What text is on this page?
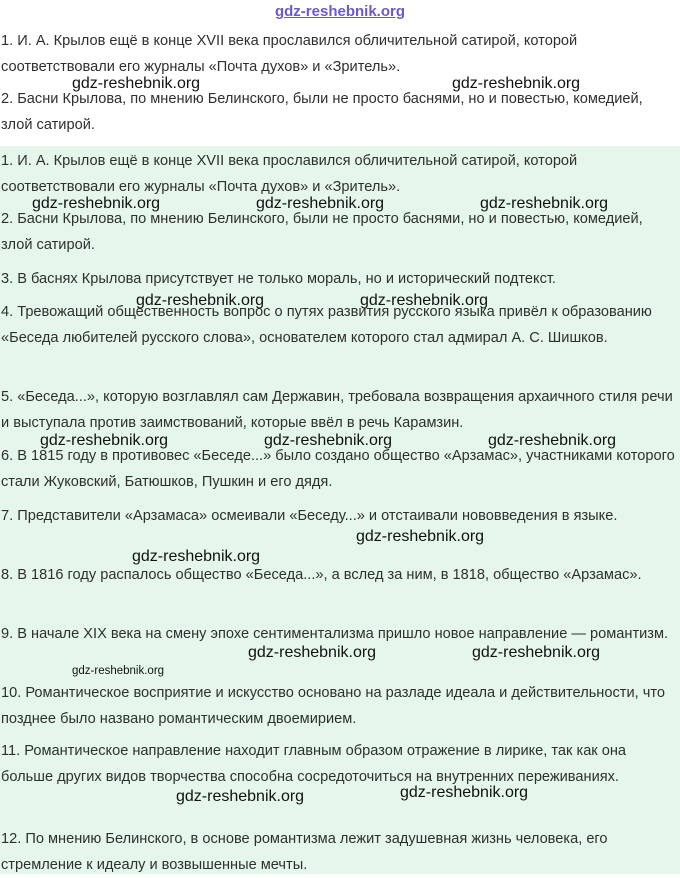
gdz-reshebnik.org

1. И. А. Крылов ещё в конце XVII века прославился обличительной сатирой, которой соответствовали его журналы «Почта духов» и «Зритель».

2. Басни Крылова, по мнению Белинского, были не просто баснями, но и повестью, комедией, злой сатирой.

1. И. А. Крылов ещё в конце XVII века прославился обличительной сатирой, которой соответствовали его журналы «Почта духов» и «Зритель».

2. Басни Крылова, по мнению Белинского, были не просто баснями, но и повестью, комедией, злой сатирой.

3. В баснях Крылова присутствует не только мораль, но и исторический подтекст.

4. Тревожащий общественность вопрос о путях развития русского языка привёл к образованию «Беседа любителей русского слова», основателем которого стал адмирал А. С. Шишков.

5. «Беседа...», которую возглавлял сам Державин, требовала возвращения архаичного стиля речи и выступала против заимствований, которые ввёл в речь Карамзин.

6. В 1815 году в противовес «Беседе...» было создано общество «Арзамас», участниками которого стали Жуковский, Батюшков, Пушкин и его дядя.

7. Представители «Арзамаса» осмеивали «Беседу...» и отстаивали нововведения в языке.

8. В 1816 году распалось общество «Беседа...», а вслед за ним, в 1818, общество «Арзамас».

9. В начале XIX века на смену эпохе сентиментализма пришло новое направление — романтизм.

10. Романтическое восприятие и искусство основано на разладе идеала и действительности, что позднее было названо романтическим двоемирием.

11. Романтическое направление находит главным образом отражение в лирике, так как она больше других видов творчества способна сосредоточиться на внутренних переживаниях.

12. По мнению Белинского, в основе романтизма лежит задушевная жизнь человека, его стремление к идеалу и возвышенные мечты.

gdz-reshebnik.org	gdz-reshebnik.org
gdz-reshebnik.org	gdz-reshebnik.org	gdz-reshebnik.org
gdz-reshebnik.org	gdz-reshebnik.org
gdz-reshebnik.org	gdz-reshebnik.org	gdz-reshebnik.org
gdz-reshebnik.org
gdz-reshebnik.org
gdz-reshebnik.org	gdz-reshebnik.org
gdz-reshebnik.org
gdz-reshebnik.org
gdz-reshebnik.org
